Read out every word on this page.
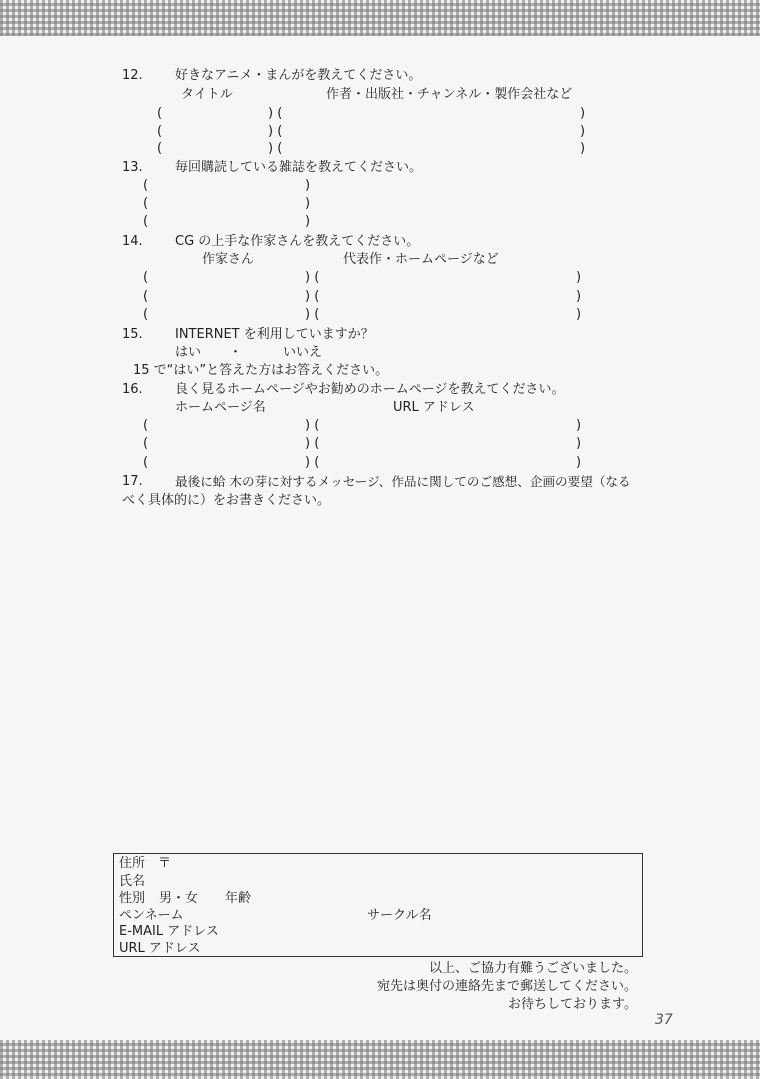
12. 好きなアニメ・まんがを教えてください。
タイトル	作者・出版社・チャンネル・製作会社など
(	) (	)
(	) (	)
(	) (	)
13. 毎回購読している雑誌を教えてください。
(	)
(	)
(	)
14. CG の上手な作家さんを教えてください。
作家さん	代表作・ホームページなど
(	) (	)
(	) (	)
(	) (	)
15. INTERNET を利用していますか？
はい ・	いいえ
15 で“はい”と答えた方はお答えください。
16. 良く見るホームページやお勧めのホームページを教えてください。
ホームページ名	URL アドレス
(	) (	)
(	) (	)
(	) (	)
17.	最後に蛤 木の芽に対するメッセージ、作品に関してのご感想、企画の要望（なる
べく具体的に）をお書きください。
住所　〒
氏名
性別 男・女 年齢
ペンネーム	サークル名
E-MAIL アドレス
URL アドレス
以上、ご協力有難うございました。
宛先は奥付の連絡先まで郵送してください。
お待ちしております。
37
